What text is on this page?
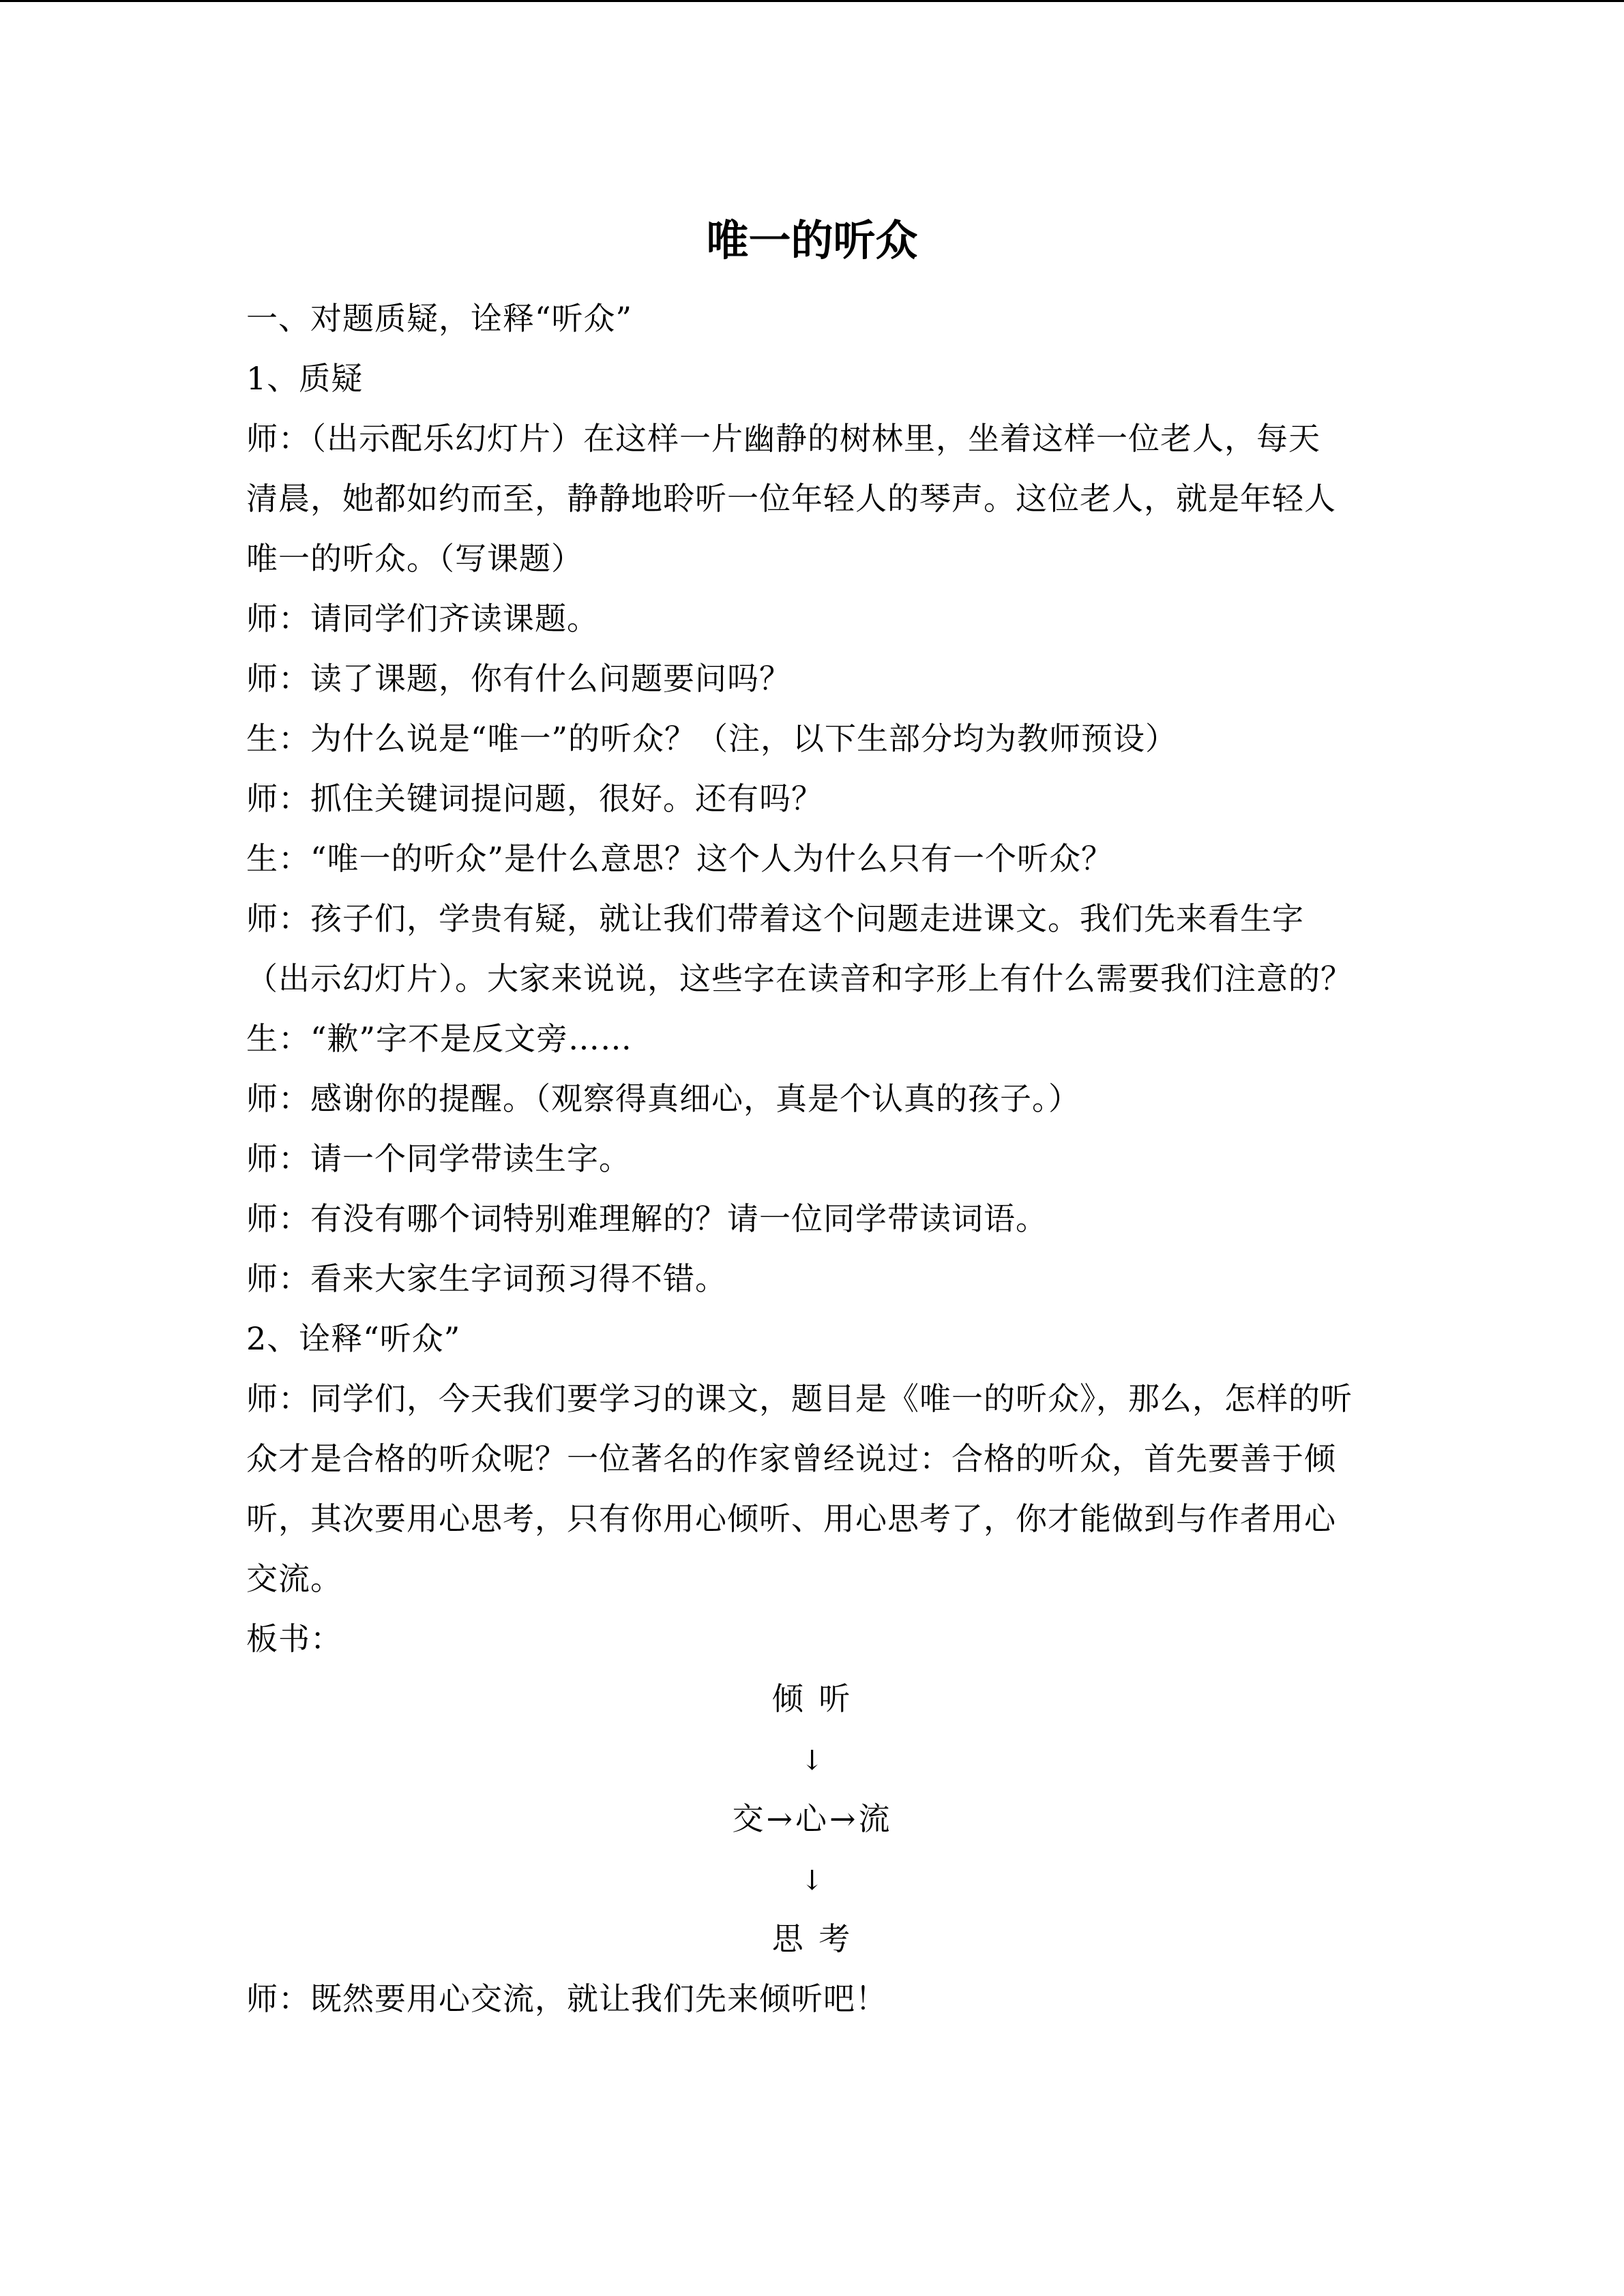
唯一的听众
一、对题质疑，诠释“听众”
1、质疑
师：（出示配乐幻灯片）在这样一片幽静的树林里，坐着这样一位老人，每天
清晨，她都如约而至，静静地聆听一位年轻人的琴声。这位老人，就是年轻人
唯一的听众。（写课题）
师：请同学们齐读课题。
师：读了课题，你有什么问题要问吗？
生：为什么说是“唯一”的听众？（注，以下生部分均为教师预设）
师：抓住关键词提问题，很好。还有吗？
生：“唯一的听众”是什么意思？这个人为什么只有一个听众？
师：孩子们，学贵有疑，就让我们带着这个问题走进课文。我们先来看生字
（出示幻灯片）。大家来说说，这些字在读音和字形上有什么需要我们注意的？
生：“歉”字不是反文旁……
师：感谢你的提醒。（观察得真细心，真是个认真的孩子。）
师：请一个同学带读生字。
师：有没有哪个词特别难理解的？请一位同学带读词语。
师：看来大家生字词预习得不错。
2、诠释“听众”
师：同学们，今天我们要学习的课文，题目是《唯一的听众》，那么，怎样的听
众才是合格的听众呢？一位著名的作家曾经说过：合格的听众，首先要善于倾
听，其次要用心思考，只有你用心倾听、用心思考了，你才能做到与作者用心
交流。
板书：
倾 听
↓
交→心→流
↓
思 考
师：既然要用心交流，就让我们先来倾听吧！
